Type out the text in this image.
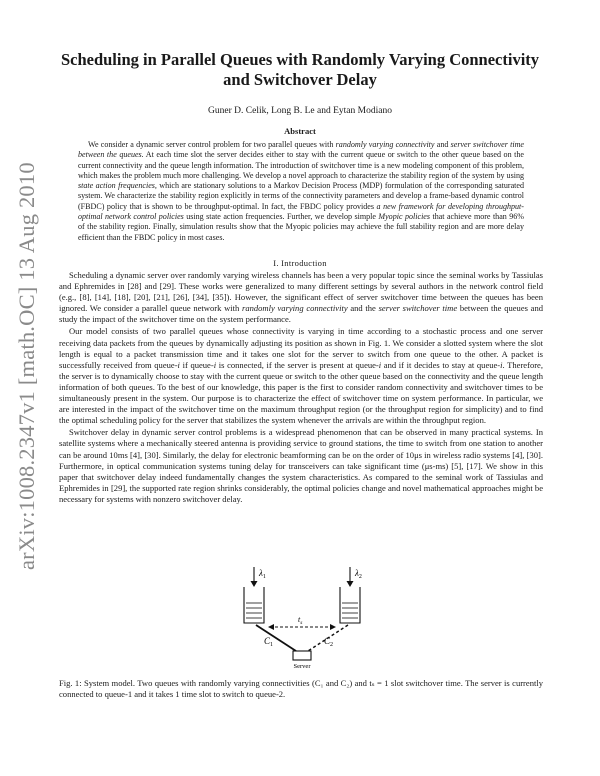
arXiv:1008.2347v1 [math.OC] 13 Aug 2010
Scheduling in Parallel Queues with Randomly Varying Connectivity and Switchover Delay
Guner D. Celik, Long B. Le and Eytan Modiano
Abstract

We consider a dynamic server control problem for two parallel queues with randomly varying connectivity and server switchover time between the queues. At each time slot the server decides either to stay with the current queue or switch to the other queue based on the current connectivity and the queue length information. The introduction of switchover time is a new modeling component of this problem, which makes the problem much more challenging. We develop a novel approach to characterize the stability region of the system by using state action frequencies, which are stationary solutions to a Markov Decision Process (MDP) formulation of the corresponding saturated system. We characterize the stability region explicitly in terms of the connectivity parameters and develop a frame-based dynamic control (FBDC) policy that is shown to be throughput-optimal. In fact, the FBDC policy provides a new framework for developing throughput-optimal network control policies using state action frequencies. Further, we develop simple Myopic policies that achieve more than 96% of the stability region. Finally, simulation results show that the Myopic policies may achieve the full stability region and are more delay efficient than the FBDC policy in most cases.

I. Introduction

Scheduling a dynamic server over randomly varying wireless channels has been a very popular topic since the seminal works by Tassiulas and Ephremides in [28] and [29]. These works were generalized to many different settings by several authors in the network control field (e.g., [8], [14], [18], [20], [21], [26], [34], [35]). However, the significant effect of server switchover time between the queues has been ignored. We consider a parallel queue network with randomly varying connectivity and the server switchover time between the queues and study the impact of the switchover time on the system performance.

Our model consists of two parallel queues whose connectivity is varying in time according to a stochastic process and one server receiving data packets from the queues by dynamically adjusting its position as shown in Fig. 1. We consider a slotted system where the slot length is equal to a packet transmission time and it takes one slot for the server to switch from one queue to the other. A packet is successfully received from queue-i if queue-i is connected, if the server is present at queue-i and if it decides to stay at queue-i. Therefore, the server is to dynamically choose to stay with the current queue or switch to the other queue based on the connectivity and the queue length information of both queues. To the best of our knowledge, this paper is the first to consider random connectivity and switchover times to be simultaneously present in the system. Our purpose is to characterize the effect of switchover time on system performance. In particular, we are interested in the impact of the switchover time on the maximum throughput region (or the throughput region for simplicity) and to find the optimal scheduling policy for the server that stabilizes the system whenever the arrivals are within the throughput region.

Switchover delay in dynamic server control problems is a widespread phenomenon that can be observed in many practical systems. In satellite systems where a mechanically steered antenna is providing service to ground stations, the time to switch from one station to another can be around 10ms [4], [30]. Similarly, the delay for electronic beamforming can be on the order of 10μs in wireless radio systems [4], [30]. Furthermore, in optical communication systems tuning delay for transceivers can take significant time (μs-ms) [5], [17]. We show in this paper that switchover delay indeed fundamentally changes the system characteristics. As compared to the seminal work of Tassiulas and Ephremides in [29], the supported rate region shrinks considerably, the optimal policies change and novel mathematical approaches might be necessary for systems with nonzero switchover delay.

$\lambda_1$	$\lambda_2$
$t_s$
$C_1$	$C_2$
Server
Fig. 1: System model. Two queues with randomly varying connectivities (C₁ and C₂) and tₛ = 1 slot switchover time. The server is currently connected to queue-1 and it takes 1 time slot to switch to queue-2.
